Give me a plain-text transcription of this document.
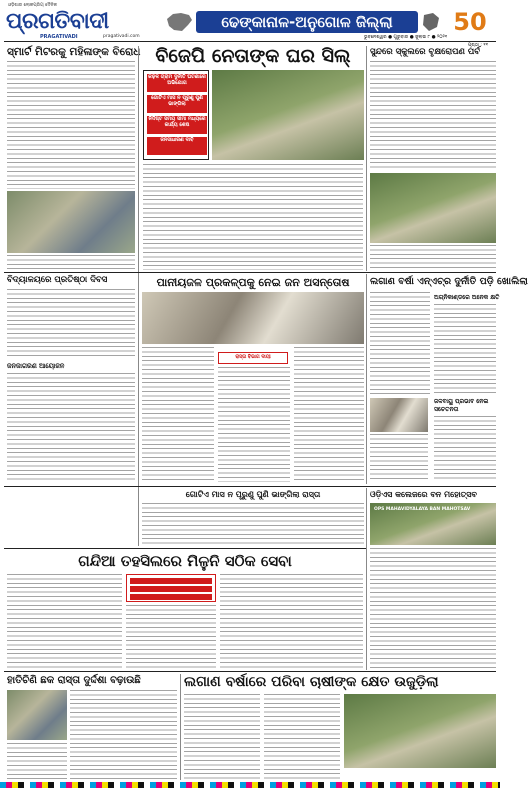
ଓଡ଼ିଶାର ଲୋକପ୍ରିୟ ଦୈନିକ
ପ୍ରଗତିବାଦୀ
PRAGATIVADI	pragativadi.com
ଢେଙ୍କାନାଳ-ଅନୁଗୋଳ ଜିଲ୍ଲା	50
ଭୁବନେଶ୍ୱର ● ଗୁରୁବାର ● ଜୁଲାଇ ୮ ● ୨୦୨୧
ପୃଷ୍ଠା : ୧୧
ସ୍ମାର୍ଟ ମିଟରକୁ ମହିଳାଙ୍କ ବିରୋଧ ବିଜେପି ନେତାଙ୍କ ଘର ସିଲ୍
କଢ଼ଳ ଗ୍ରାମ ଦୁର୍ନୀତି ଘଟଣାରେ ଅଭିଯୋଗ
ଗୋଟିଏ ମାସ ନ ପୂରୁଣୁ ପୁଣି ଭାଙ୍ଗିଲା
ନିର୍ଦ୍ଦିଷ୍ଟ ସମୟ ସୀମା ମଧ୍ୟରେ କାର୍ଯ୍ୟ ଶେଷ
ଜନସାଧାରଣ ଦାବି
ସୁନ୍ଦରେ ସ୍କୁଲରେ ବୃକ୍ଷରୋପଣ ପର୍ବ
ବିଦ୍ୟାଳୟରେ ପ୍ରତିଷ୍ଠା ଦିବସ
ଜନଜାଗରଣ ଆୟୋଜନ
ପାନୀୟଜଳ ପ୍ରକଳ୍ପକୁ ନେଇ ଜନ ଅସନ୍ତୋଷ
ରାସ୍ତା ବିଭାଗ ଦାୟୀ
ଲଗାଣ ବର୍ଷା ଏନ୍ଏଚ୍‌ର ଦୁର୍ନୀତି ପଡ଼ି ଖୋଲିଲା
ଅଗ୍ନିକାଣ୍ଡରେ ଅନେକ କ୍ଷତି
ଜଳବାୟୁ ପ୍ରଭାବ ନେଇ ସଚେତନତା
ଓଡ଼ିଏସ କଲେଜରେ ବନ ମହୋତ୍ସବ
OPS MAHAVIDYALAYA BAN MAHOTSAV
ଗୋଟିଏ ମାସ ନ ପୂରୁଣୁ ପୁଣି ଭାଙ୍ଗିଲା ରାସ୍ତା
ଗନ୍ଦିଆ ତହସିଲରେ ମିଳୁନି ସଠିକ ସେବା
ହାତିଚିଣି ଛକ ରାସ୍ତା ଦୁର୍ଦ୍ଦଶା ବଢ଼ାଉଛି	ଲଗାଣ ବର୍ଷାରେ ପରିବା ଚାଷୀଙ୍କ କ୍ଷେତ ଉଜୁଡ଼ିଲା
